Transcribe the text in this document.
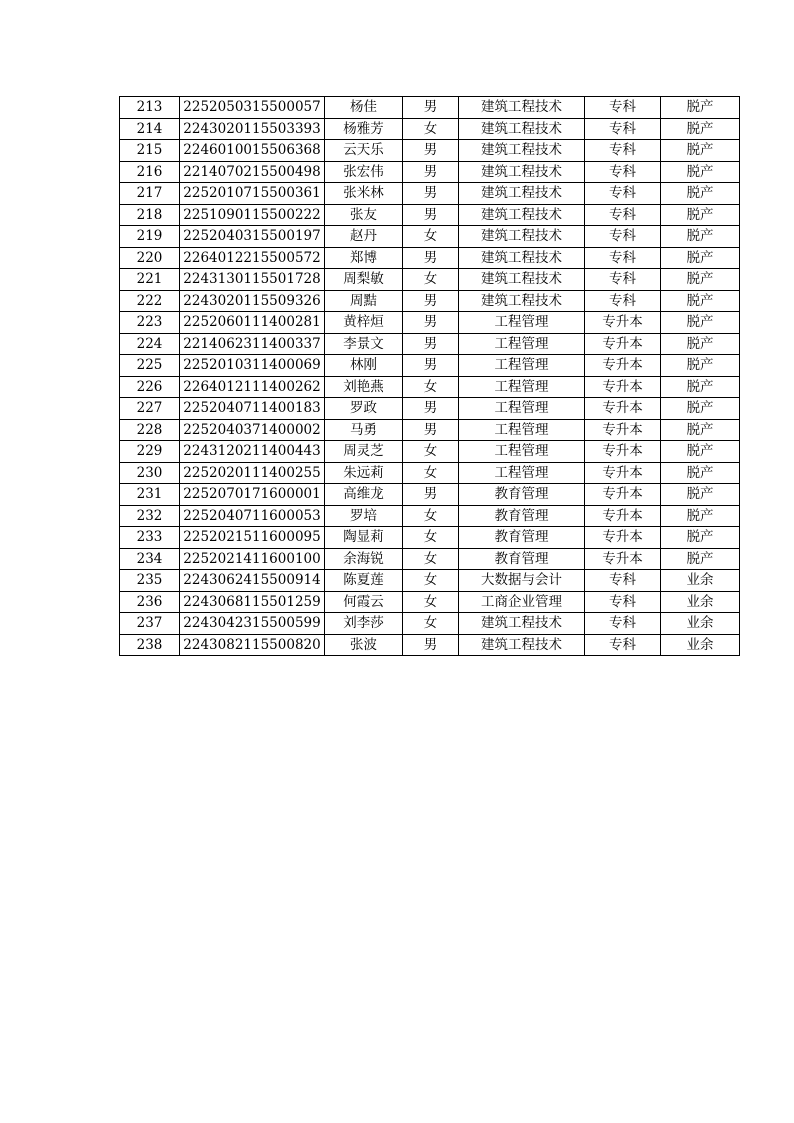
213	2252050315500057	杨佳	男	建筑工程技术	专科	脱产
214	2243020115503393	杨雅芳	女	建筑工程技术	专科	脱产
215	2246010015506368	云天乐	男	建筑工程技术	专科	脱产
216	2214070215500498	张宏伟	男	建筑工程技术	专科	脱产
217	2252010715500361	张米林	男	建筑工程技术	专科	脱产
218	2251090115500222	张友	男	建筑工程技术	专科	脱产
219	2252040315500197	赵丹	女	建筑工程技术	专科	脱产
220	2264012215500572	郑博	男	建筑工程技术	专科	脱产
221	2243130115501728	周梨敏	女	建筑工程技术	专科	脱产
222	2243020115509326	周黠	男	建筑工程技术	专科	脱产
223	2252060111400281	黄梓烜	男	工程管理	专升本	脱产
224	2214062311400337	李景文	男	工程管理	专升本	脱产
225	2252010311400069	林刚	男	工程管理	专升本	脱产
226	2264012111400262	刘艳燕	女	工程管理	专升本	脱产
227	2252040711400183	罗政	男	工程管理	专升本	脱产
228	2252040371400002	马勇	男	工程管理	专升本	脱产
229	2243120211400443	周灵芝	女	工程管理	专升本	脱产
230	2252020111400255	朱远莉	女	工程管理	专升本	脱产
231	2252070171600001	高维龙	男	教育管理	专升本	脱产
232	2252040711600053	罗培	女	教育管理	专升本	脱产
233	2252021511600095	陶显莉	女	教育管理	专升本	脱产
234	2252021411600100	余海锐	女	教育管理	专升本	脱产
235	2243062415500914	陈夏莲	女	大数据与会计	专科	业余
236	2243068115501259	何霞云	女	工商企业管理	专科	业余
237	2243042315500599	刘李莎	女	建筑工程技术	专科	业余
238	2243082115500820	张波	男	建筑工程技术	专科	业余
